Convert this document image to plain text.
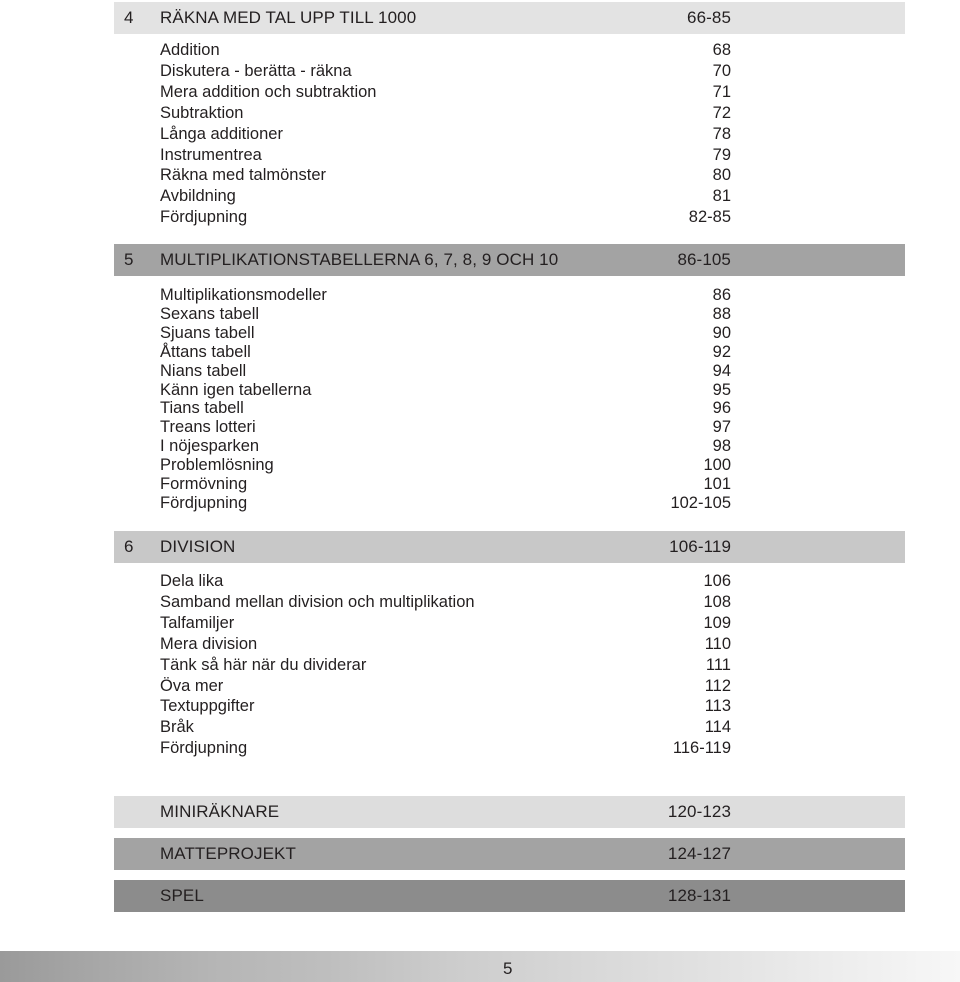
4 RÄKNA MED TAL UPP TILL 1000	66-85
Addition	68
Diskutera - berätta - räkna	70
Mera addition och subtraktion	71
Subtraktion	72
Långa additioner	78
Instrumentrea	79
Räkna med talmönster	80
Avbildning	81
Fördjupning	82-85
5 MULTIPLIKATIONSTABELLERNA 6, 7, 8, 9 OCH 10	86-105
Multiplikationsmodeller	86
Sexans tabell	88
Sjuans tabell	90
Åttans tabell	92
Nians tabell	94
Känn igen tabellerna	95
Tians tabell	96
Treans lotteri	97
I nöjesparken	98
Problemlösning	100
Formövning	101
Fördjupning	102-105
6 DIVISION	106-119
Dela lika	106
Samband mellan division och multiplikation	108
Talfamiljer	109
Mera division	110
Tänk så här när du dividerar	111
Öva mer	112
Textuppgifter	113
Bråk	114
Fördjupning	116-119
MINIRÄKNARE	120-123
MATTEPROJEKT	124-127
SPEL	128-131
5
